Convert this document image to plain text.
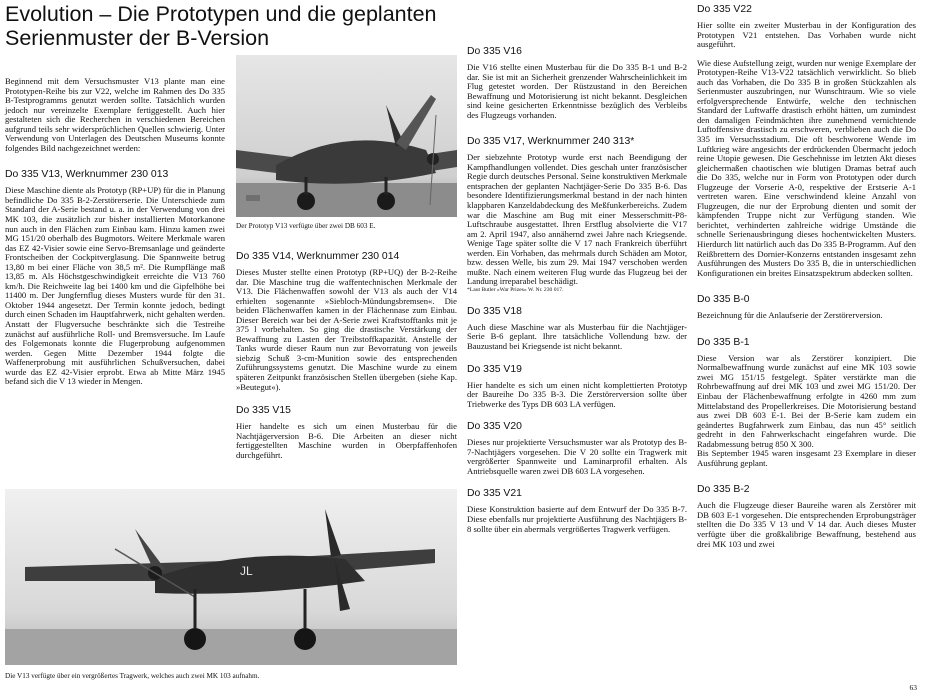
Evolution – Die Prototypen und die geplanten Serienmuster der B-Version

Beginnend mit dem Versuchsmuster V13 plante man eine Prototypen-Reihe bis zur V22, welche im Rahmen des Do 335 B-Testprogramms genutzt werden sollte. Tatsächlich wurden jedoch nur vereinzelte Exemplare fertiggestellt. Auch hier gestalteten sich die Recherchen in verschiedenen Bereichen aufgrund teils sehr widersprüchlichen Quellen schwierig. Unter Verwendung von Unterlagen des Deutschen Museums konnte folgendes Bild nachgezeichnet werden:

Do 335 V13, Werknummer 230 013

Diese Maschine diente als Prototyp (RP+UP) für die in Planung befindliche Do 335 B-2-Zerstörerserie. Die Unterschiede zum Standard der A-Serie bestand u. a. in der Verwendung von drei MK 103, die zusätzlich zur bisher installierten Motorkanone nun auch in den Flächen zum Einbau kam. Hinzu kamen zwei MG 151/20 oberhalb des Bugmotors. Weitere Merkmale waren das EZ 42-Visier sowie eine Servo-Bremsanlage und geänderte Frontscheiben der Cockpitverglasung. Die Spannweite betrug 13,80 m bei einer Fläche von 38,5 m². Die Rumpflänge maß 13,85 m. Als Höchstgeschwindigkeit erreichte die V13 760 km/h. Die Reichweite lag bei 1400 km und die Gipfelhöhe bei 11400 m. Der Jungfernflug dieses Musters wurde für den 31. Oktober 1944 angesetzt. Der Termin konnte jedoch, bedingt durch einen Schaden im Hauptfahrwerk, nicht gehalten werden. Anstatt der Flugversuche beschränkte sich die Testreihe zunächst auf ausführliche Roll- und Bremsversuche. Im Laufe des Folgemonats konnte die Flugerprobung aufgenommen werden. Gegen Mitte Dezember 1944 folgte die Waffenerprobung mit ausführlichen Schußversuchen, dabei wurde das EZ 42-Visier erprobt. Etwa ab Mitte März 1945 befand sich die V 13 wieder in Mengen.

Der Prototyp V13 verfügte über zwei DB 603 E.
Do 335 V14, Werknummer 230 014

Dieses Muster stellte einen Prototyp (RP+UQ) der B-2-Reihe dar. Die Maschine trug die waffentechnischen Merkmale der V13. Die Flächenwaffen sowohl der V13 als auch der V14 erhielten sogenannte »Siebloch-Mündungsbremsen«. Die beiden Flächenwaffen kamen in der Flächennase zum Einbau. Dieser Bereich war bei der A-Serie zwei Kraftstofftanks mit je 375 l vorbehalten. So ging die drastische Verstärkung der Bewaffnung zu Lasten der Treibstoffkapazität. Anstelle der Tanks wurde dieser Raum nun zur Bevorratung von jeweils siebzig Schuß 3-cm-Munition sowie des entsprechenden Zuführungssystems genutzt. Die Maschine wurde zu einem späteren Zeitpunkt französischen Stellen übergeben (siehe Kap. »Beutegut«).

Do 335 V15

Hier handelte es sich um einen Musterbau für die Nachtjägerversion B-6. Die Arbeiten an dieser nicht fertiggestellten Maschine wurden in Oberpfaffenhofen durchgeführt.

JL
Die V13 verfügte über ein vergrößertes Tragwerk, welches auch zwei MK 103 aufnahm.

Do 335 V16

Die V16 stellte einen Musterbau für die Do 335 B-1 und B-2 dar. Sie ist mit an Sicherheit grenzender Wahrscheinlichkeit im Flug getestet worden. Der Rüstzustand in den Bereichen Bewaffnung und Motorisierung ist nicht bekannt. Desgleichen sind keine gesicherten Erkenntnisse bezüglich des Verbleibs des Flugzeugs vorhanden.

Do 335 V17, Werknummer 240 313*

Der siebzehnte Prototyp wurde erst nach Beendigung der Kampfhandlungen vollendet. Dies geschah unter französischer Regie durch deutsches Personal. Seine konstruktiven Merkmale entsprachen der geplanten Nachtjäger-Serie Do 335 B-6. Das besondere Identifizierungsmerkmal bestand in der nach hinten klappbaren Kanzeldabdeckung des Meßfunkerbereichs. Zudem war die Maschine am Bug mit einer Messerschmitt-P8-Luftschraube ausgestattet. Ihren Erstflug absolvierte die V17 am 2. April 1947, also annähernd zwei Jahre nach Kriegsende. Wenige Tage später sollte die V 17 nach Frankreich überführt werden. Ein Vorhaben, das mehrmals durch Schäden am Motor, bzw. dessen Welle, bis zum 29. Mai 1947 verschoben werden mußte. Nach einem weiteren Flug wurde das Flugzeug bei der Landung irreparabel beschädigt.

*Laut Butler »War Prizes« W. Nr. 230 017.

Do 335 V18

Auch diese Maschine war als Musterbau für die Nachtjäger-Serie B-6 geplant. Ihre tatsächliche Vollendung bzw. der Bauzustand bei Kriegsende ist nicht bekannt.

Do 335 V19

Hier handelte es sich um einen nicht komplettierten Prototyp der Baureihe Do 335 B-3. Die Zerstörerversion sollte über Triebwerke des Typs DB 603 LA verfügen.

Do 335 V20

Dieses nur projektierte Versuchsmuster war als Prototyp des B-7-Nachtjägers vorgesehen. Die V 20 sollte ein Tragwerk mit vergrößerter Spannweite und Laminarprofil erhalten. Als Antriebsquelle waren zwei DB 603 LA vorgesehen.

Do 335 V21

Diese Konstruktion basierte auf dem Entwurf der Do 335 B-7. Diese ebenfalls nur projektierte Ausführung des Nachtjägers B-8 sollte über ein abermals vergrößertes Tragwerk verfügen.

Do 335 V22

Hier sollte ein zweiter Musterbau in der Konfiguration des Prototypen V21 entstehen. Das Vorhaben wurde nicht ausgeführt.

Wie diese Aufstellung zeigt, wurden nur wenige Exemplare der Prototypen-Reihe V13-V22 tatsächlich verwirklicht. So blieb auch das Vorhaben, die Do 335 B in großen Stückzahlen als Serienmuster auszubringen, nur Wunschtraum. Wie so viele erfolgversprechende Entwürfe, welche den technischen Standard der Luftwaffe drastisch erhöht hätten, um zumindest den damaligen Feindmächten ihre zunehmend vernichtende Luftoffensive drastisch zu erschweren, verblieben auch die Do 335 im Versuchsstadium. Die oft beschworene Wende im Luftkrieg wäre angesichts der erdrückenden Übermacht jedoch reine Utopie gewesen. Die Geschehnisse im letzten Akt dieses gleichermaßen chaotischen wie blutigen Dramas betraf auch die Do 335, welche nur in Form von Prototypen oder durch Flugzeuge der Vorserie A-0, respektive der Erstserie A-1 vertreten waren. Eine verschwindend kleine Anzahl von Flugzeugen, die nur der Erprobung dienten und somit der kämpfenden Truppe nicht zur Verfügung standen. Wie berichtet, verhinderten zahlreiche widrige Umstände die schnelle Serienausbringung dieses hochentwickelten Musters. Hierdurch litt natürlich auch das Do 335 B-Programm. Auf den Reißbrettern des Dornier-Konzerns entstanden insgesamt zehn Ausführungen des Musters Do 335 B, die in unterschiedlichen Konfigurationen ein breites Einsatzspektrum abdecken sollten.

Do 335 B-0

Bezeichnung für die Anlaufserie der Zerstörerversion.

Do 335 B-1

Diese Version war als Zerstörer konzipiert. Die Normalbewaffnung wurde zunächst auf eine MK 103 sowie zwei MG 151/15 festgelegt. Später verstärkte man die Rohrbewaffnung auf drei MK 103 und zwei MG 151/20. Der Einbau der Flächenbewaffnung erfolgte in 4260 mm zum Mittelabstand des Propellerkreises. Die Motorisierung bestand aus zwei DB 603 E-1. Bei der B-Serie kam zudem ein geändertes Bugfahrwerk zum Einbau, das nun 45° seitlich gedreht in den Fahrwerkschacht eingefahren wurde. Die Radabmessung betrug 850 X 300.

Bis September 1945 waren insgesamt 23 Exemplare in dieser Ausführung geplant.

Do 335 B-2

Auch die Flugzeuge dieser Baureihe waren als Zerstörer mit DB 603 E-1 vorgesehen. Die entsprechenden Erprobungsträger stellten die Do 335 V 13 und V 14 dar. Auch dieses Muster verfügte über die großkalibrige Bewaffnung, bestehend aus drei MK 103 und zwei

63
